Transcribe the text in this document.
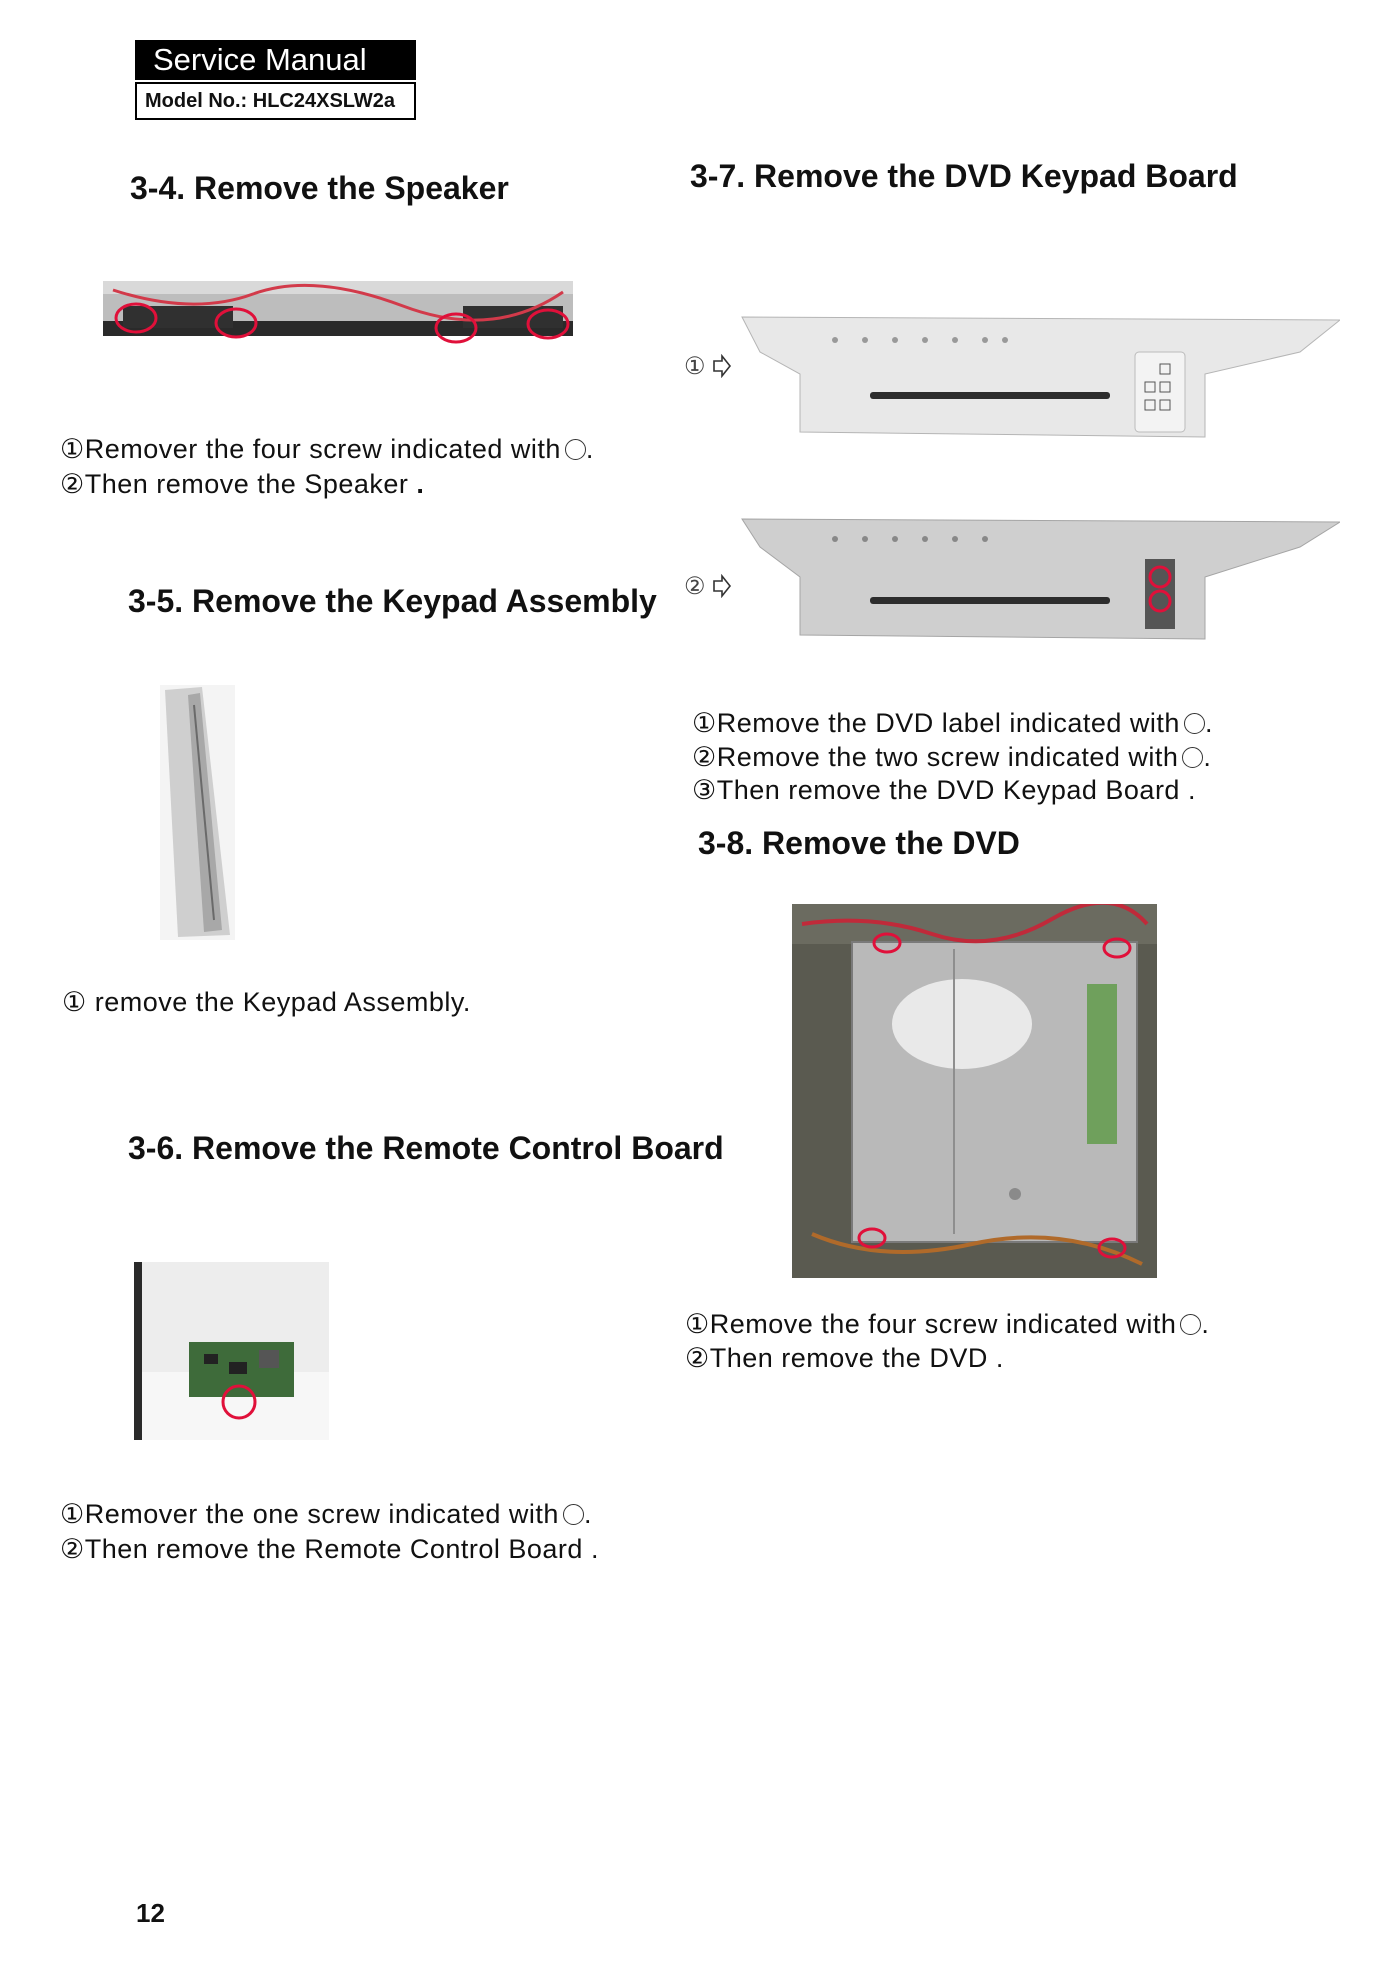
Service Manual
Model No.: HLC24XSLW2a
3-4. Remove the Speaker
①Remover the four screw indicated with .
②Then remove the Speaker .
3-5. Remove the Keypad Assembly
① remove the Keypad Assembly.
3-6. Remove the Remote Control Board
①Remover the one screw indicated with .
②Then remove the Remote Control Board .
3-7. Remove the DVD Keypad Board
①
②
①Remove the DVD label indicated with .
②Remove the two screw indicated with .
③Then remove the DVD Keypad Board .
3-8. Remove the DVD
①Remove the four screw indicated with .
②Then remove the DVD .
12
